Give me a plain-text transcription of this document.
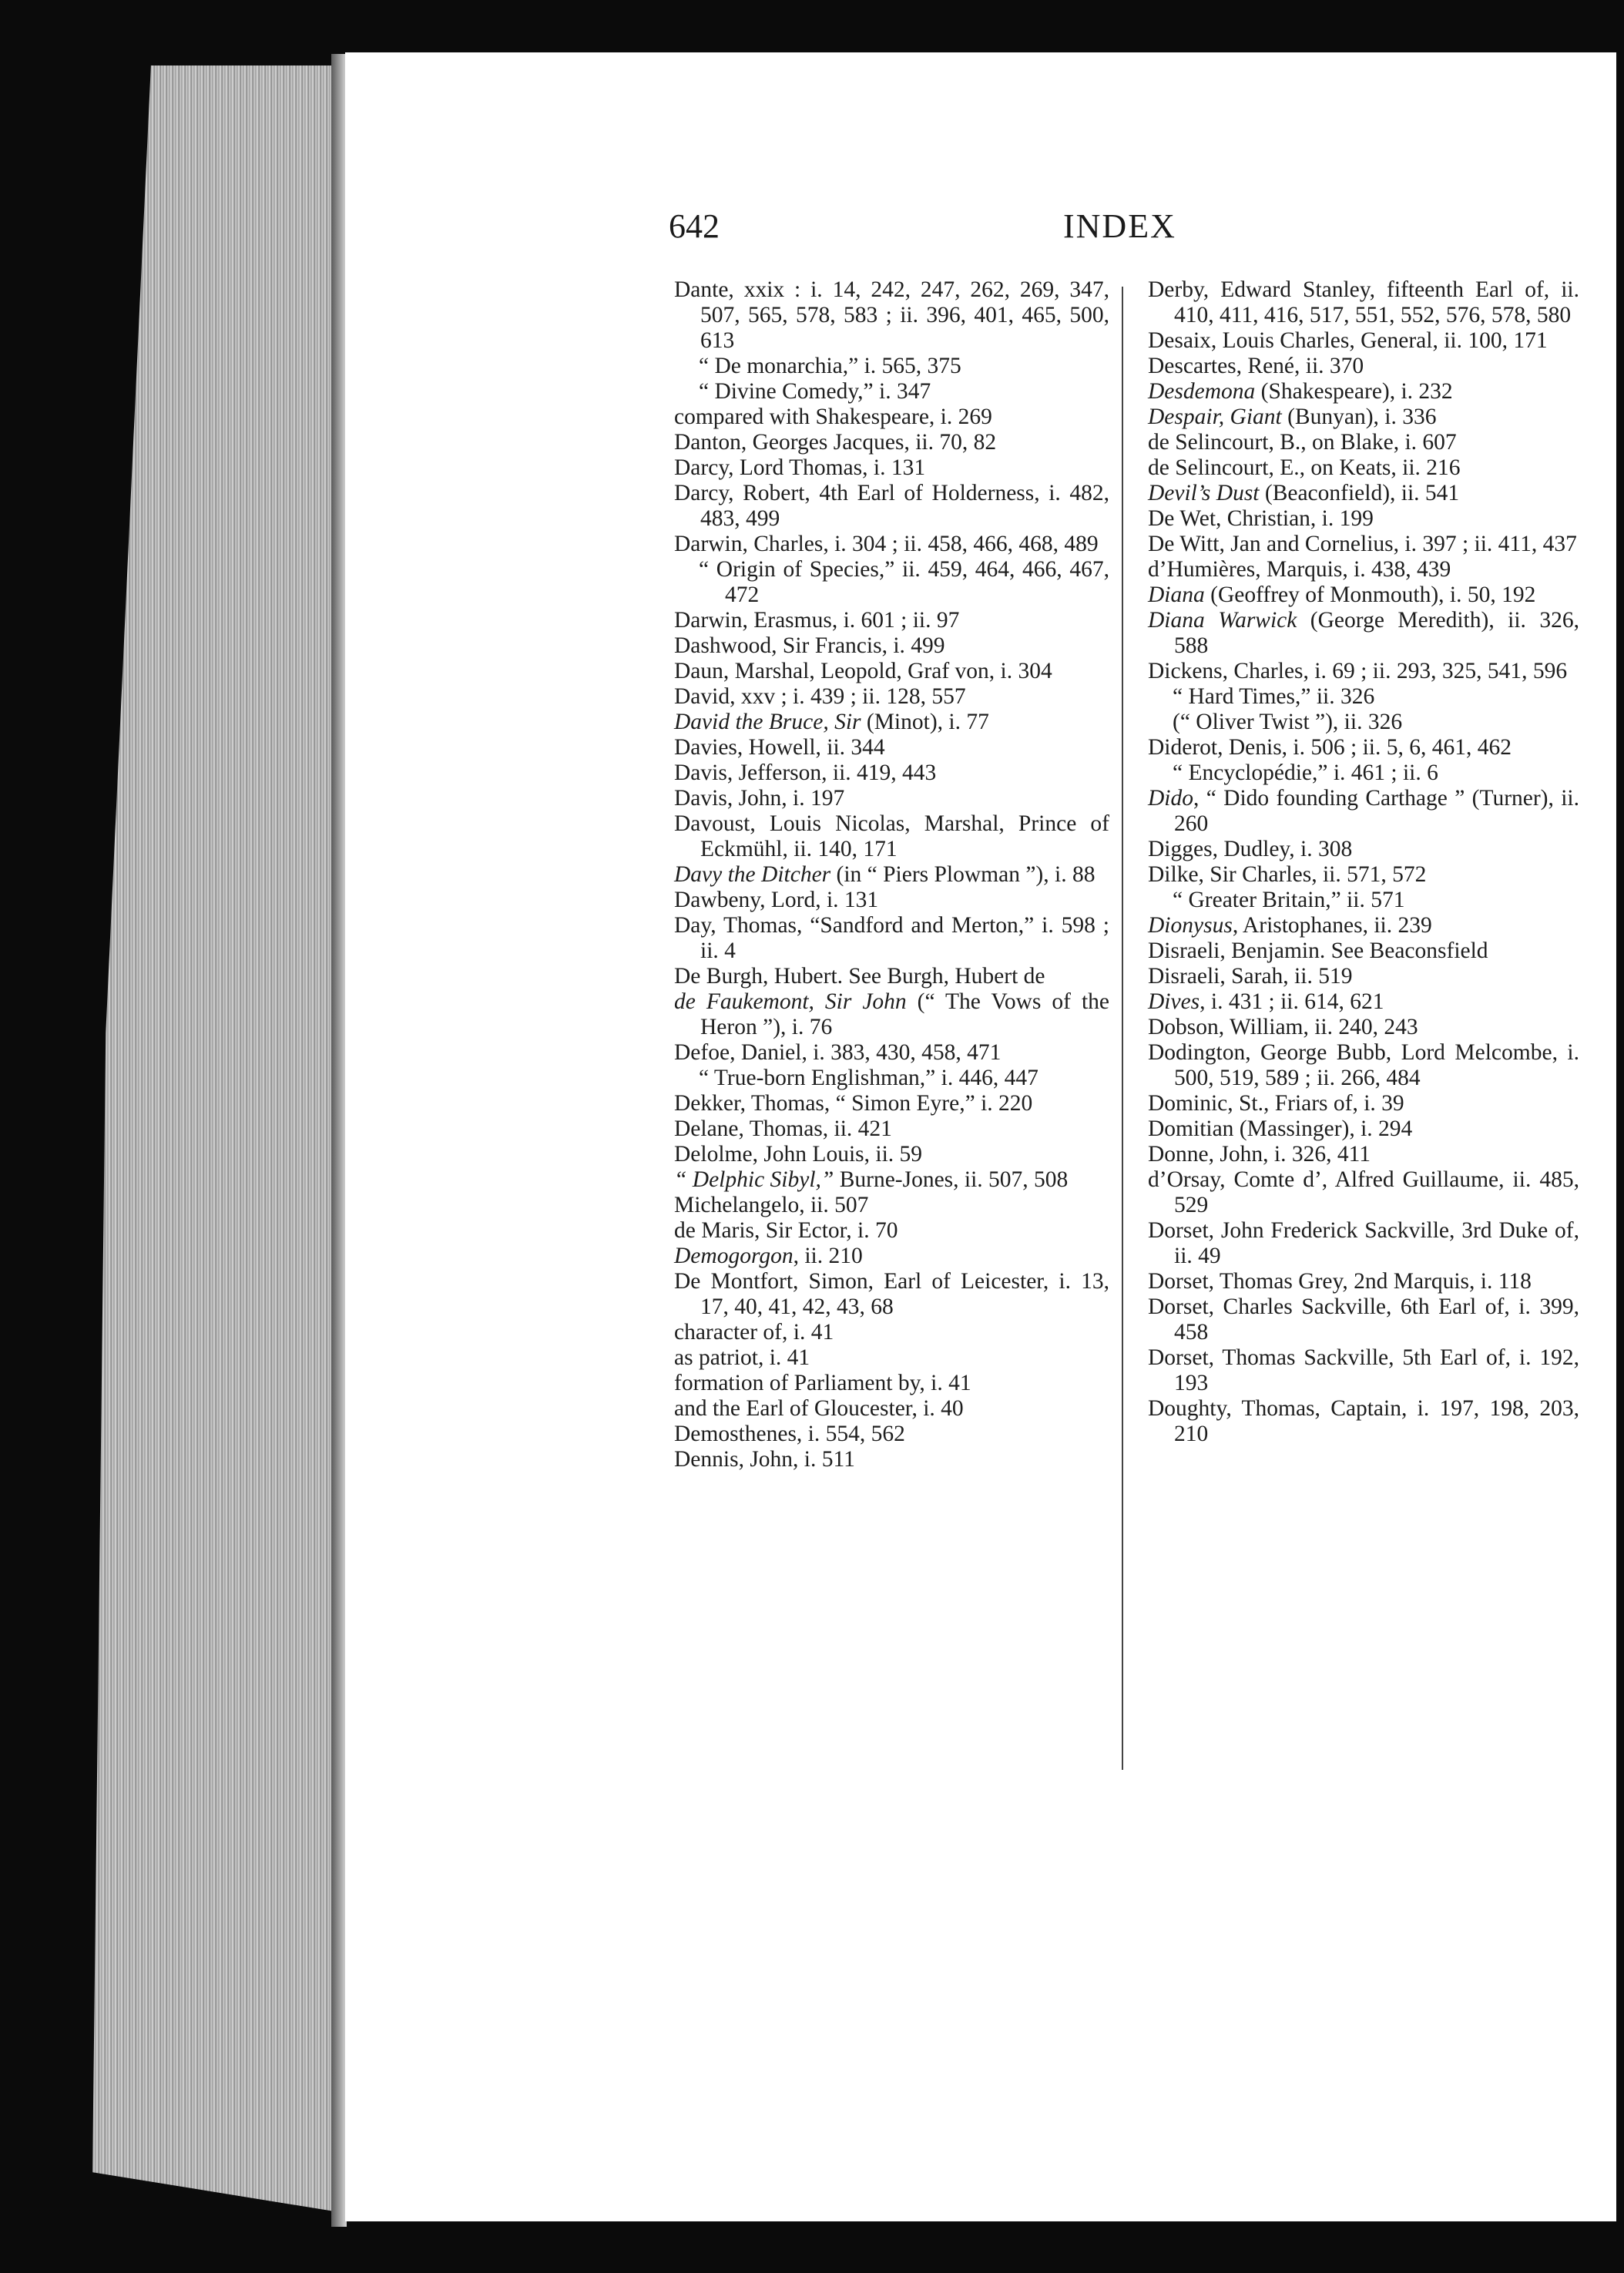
642	INDEX
Dante, xxix : i. 14, 242, 247, 262, 269, 347, 507, 565, 578, 583 ; ii. 396, 401, 465, 500, 613
“ De monarchia,” i. 565, 375
“ Divine Comedy,” i. 347
compared with Shakespeare, i. 269
Danton, Georges Jacques, ii. 70, 82
Darcy, Lord Thomas, i. 131
Darcy, Robert, 4th Earl of Holderness, i. 482, 483, 499
Darwin, Charles, i. 304 ; ii. 458, 466, 468, 489
“ Origin of Species,” ii. 459, 464, 466, 467, 472
Darwin, Erasmus, i. 601 ; ii. 97
Dashwood, Sir Francis, i. 499
Daun, Marshal, Leopold, Graf von, i. 304
David, xxv ; i. 439 ; ii. 128, 557
David the Bruce, Sir (Minot), i. 77
Davies, Howell, ii. 344
Davis, Jefferson, ii. 419, 443
Davis, John, i. 197
Davoust, Louis Nicolas, Marshal, Prince of Eckmühl, ii. 140, 171
Davy the Ditcher (in “ Piers Plowman ”), i. 88
Dawbeny, Lord, i. 131
Day, Thomas, “Sandford and Merton,” i. 598 ; ii. 4
De Burgh, Hubert. See Burgh, Hubert de
de Faukemont, Sir John (“ The Vows of the Heron ”), i. 76
Defoe, Daniel, i. 383, 430, 458, 471
“ True-born Englishman,” i. 446, 447
Dekker, Thomas, “ Simon Eyre,” i. 220
Delane, Thomas, ii. 421
Delolme, John Louis, ii. 59
“ Delphic Sibyl,” Burne-Jones, ii. 507, 508
Michelangelo, ii. 507
de Maris, Sir Ector, i. 70
Demogorgon, ii. 210
De Montfort, Simon, Earl of Leicester, i. 13, 17, 40, 41, 42, 43, 68
character of, i. 41
as patriot, i. 41
formation of Parliament by, i. 41
and the Earl of Gloucester, i. 40
Demosthenes, i. 554, 562
Dennis, John, i. 511
Derby, Edward Stanley, fifteenth Earl of, ii. 410, 411, 416, 517, 551, 552, 576, 578, 580
Desaix, Louis Charles, General, ii. 100, 171
Descartes, René, ii. 370
Desdemona (Shakespeare), i. 232
Despair, Giant (Bunyan), i. 336
de Selincourt, B., on Blake, i. 607
de Selincourt, E., on Keats, ii. 216
Devil’s Dust (Beaconfield), ii. 541
De Wet, Christian, i. 199
De Witt, Jan and Cornelius, i. 397 ; ii. 411, 437
d’Humières, Marquis, i. 438, 439
Diana (Geoffrey of Monmouth), i. 50, 192
Diana Warwick (George Meredith), ii. 326, 588
Dickens, Charles, i. 69 ; ii. 293, 325, 541, 596
“ Hard Times,” ii. 326
(“ Oliver Twist ”), ii. 326
Diderot, Denis, i. 506 ; ii. 5, 6, 461, 462
“ Encyclopédie,” i. 461 ; ii. 6
Dido, “ Dido founding Carthage ” (Turner), ii. 260
Digges, Dudley, i. 308
Dilke, Sir Charles, ii. 571, 572
“ Greater Britain,” ii. 571
Dionysus, Aristophanes, ii. 239
Disraeli, Benjamin. See Beaconsfield
Disraeli, Sarah, ii. 519
Dives, i. 431 ; ii. 614, 621
Dobson, William, ii. 240, 243
Dodington, George Bubb, Lord Melcombe, i. 500, 519, 589 ; ii. 266, 484
Dominic, St., Friars of, i. 39
Domitian (Massinger), i. 294
Donne, John, i. 326, 411
d’Orsay, Comte d’, Alfred Guillaume, ii. 485, 529
Dorset, John Frederick Sackville, 3rd Duke of, ii. 49
Dorset, Thomas Grey, 2nd Marquis, i. 118
Dorset, Charles Sackville, 6th Earl of, i. 399, 458
Dorset, Thomas Sackville, 5th Earl of, i. 192, 193
Doughty, Thomas, Captain, i. 197, 198, 203, 210
